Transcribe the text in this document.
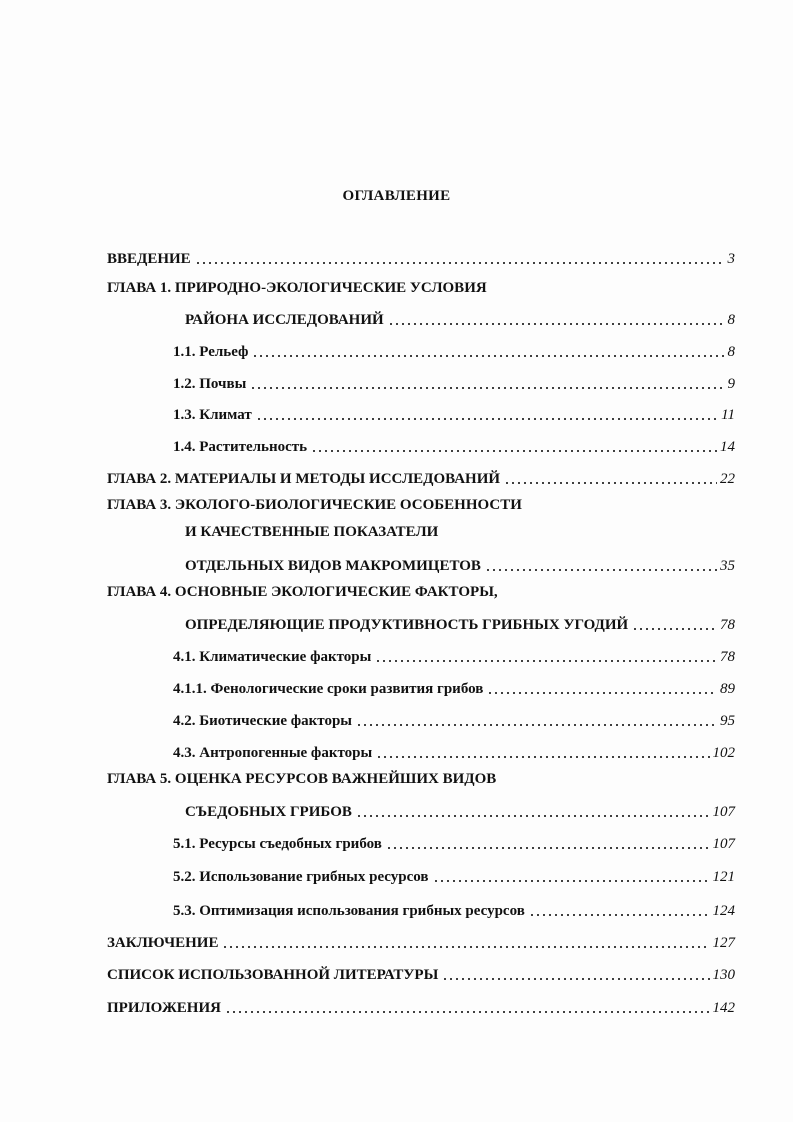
ОГЛАВЛЕНИЕ
ВВЕДЕНИЕ	3
ГЛАВА 1. ПРИРОДНО-ЭКОЛОГИЧЕСКИЕ УСЛОВИЯ
РАЙОНА ИССЛЕДОВАНИЙ	8
1.1. Рельеф	8
1.2. Почвы	9
1.3. Климат	11
1.4. Растительность	14
ГЛАВА 2. МАТЕРИАЛЫ И МЕТОДЫ ИССЛЕДОВАНИЙ	22
ГЛАВА 3. ЭКОЛОГО-БИОЛОГИЧЕСКИЕ ОСОБЕННОСТИ
И КАЧЕСТВЕННЫЕ ПОКАЗАТЕЛИ
ОТДЕЛЬНЫХ ВИДОВ МАКРОМИЦЕТОВ	35
ГЛАВА 4. ОСНОВНЫЕ ЭКОЛОГИЧЕСКИЕ ФАКТОРЫ,
ОПРЕДЕЛЯЮЩИЕ ПРОДУКТИВНОСТЬ ГРИБНЫХ УГОДИЙ	78
4.1. Климатические факторы	78
4.1.1. Фенологические сроки развития грибов	89
4.2. Биотические факторы	95
4.3. Антропогенные факторы	102
ГЛАВА 5. ОЦЕНКА РЕСУРСОВ ВАЖНЕЙШИХ ВИДОВ
СЪЕДОБНЫХ ГРИБОВ	107
5.1. Ресурсы съедобных грибов	107
5.2. Использование грибных ресурсов	121
5.3. Оптимизация использования грибных ресурсов	124
ЗАКЛЮЧЕНИЕ	127
СПИСОК ИСПОЛЬЗОВАННОЙ ЛИТЕРАТУРЫ	130
ПРИЛОЖЕНИЯ	142
